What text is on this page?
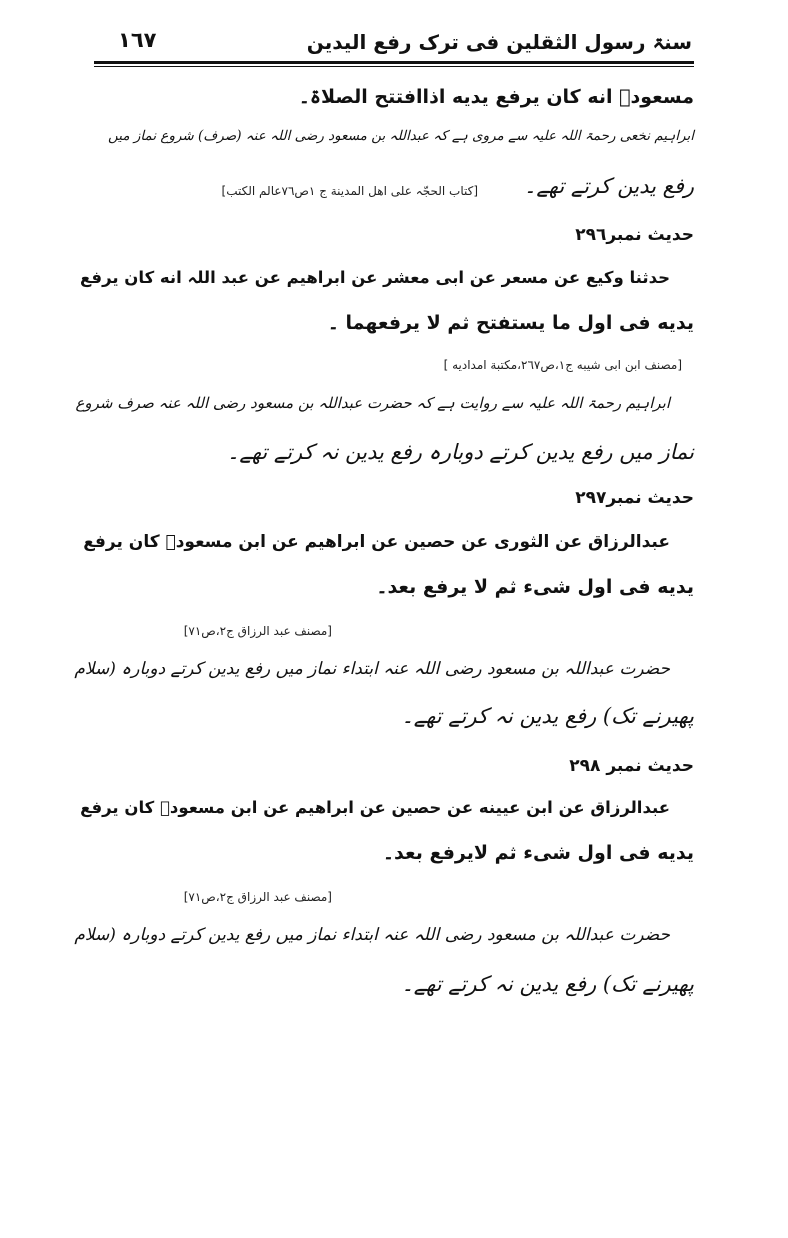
سنۃ رسول الثقلین فی ترک رفع الیدین
١٦٧
مسعودؓ انه کان یرفع یدیه اذاافتتح الصلاۃ۔
ابراہیم نخعی رحمۃ اللہ علیہ سے مروی ہے کہ عبداللہ بن مسعود رضی اللہ عنہ (صرف) شروع نماز میں
رفع یدین کرتے تھے۔
[کتاب الحجّہ علی اهل المدینة ج ١ص٧٦عالم الکتب]
حدیث نمبر٢٩٦
حدثنا وکیع عن مسعر عن ابی معشر عن ابراهیم عن عبد اللہ انه کان یرفع
یدیه فی اول ما یستفتح ثم لا یرفعهما ۔
[مصنف ابن ابی شیبه ج١،ص٢٦٧،مکتبة امدادیه ]
ابراہیم رحمۃ اللہ علیہ سے روایت ہے کہ حضرت عبداللہ بن مسعود رضی اللہ عنہ صرف شروع
نماز میں رفع یدین کرتے دوبارہ رفع یدین نہ کرتے تھے۔
حدیث نمبر٢٩٧
عبدالرزاق عن الثوری عن حصین عن ابراهیم عن ابن مسعودؓ کان یرفع
یدیه فی اول شیء ثم لا یرفع بعد۔
[مصنف عبد الرزاق ج٢،ص٧١]
حضرت عبداللہ بن مسعود رضی اللہ عنہ ابتداء نماز میں رفع یدین کرتے دوبارہ (سلام
پھیرنے تک) رفع یدین نہ کرتے تھے۔
حدیث نمبر ٢٩٨
عبدالرزاق عن ابن عیینه عن حصین عن ابراهیم عن ابن مسعودؓ کان یرفع
یدیه فی اول شیء ثم لایرفع بعد۔
[مصنف عبد الرزاق ج٢،ص٧١]
حضرت عبداللہ بن مسعود رضی اللہ عنہ ابتداء نماز میں رفع یدین کرتے دوبارہ (سلام
پھیرنے تک) رفع یدین نہ کرتے تھے۔
